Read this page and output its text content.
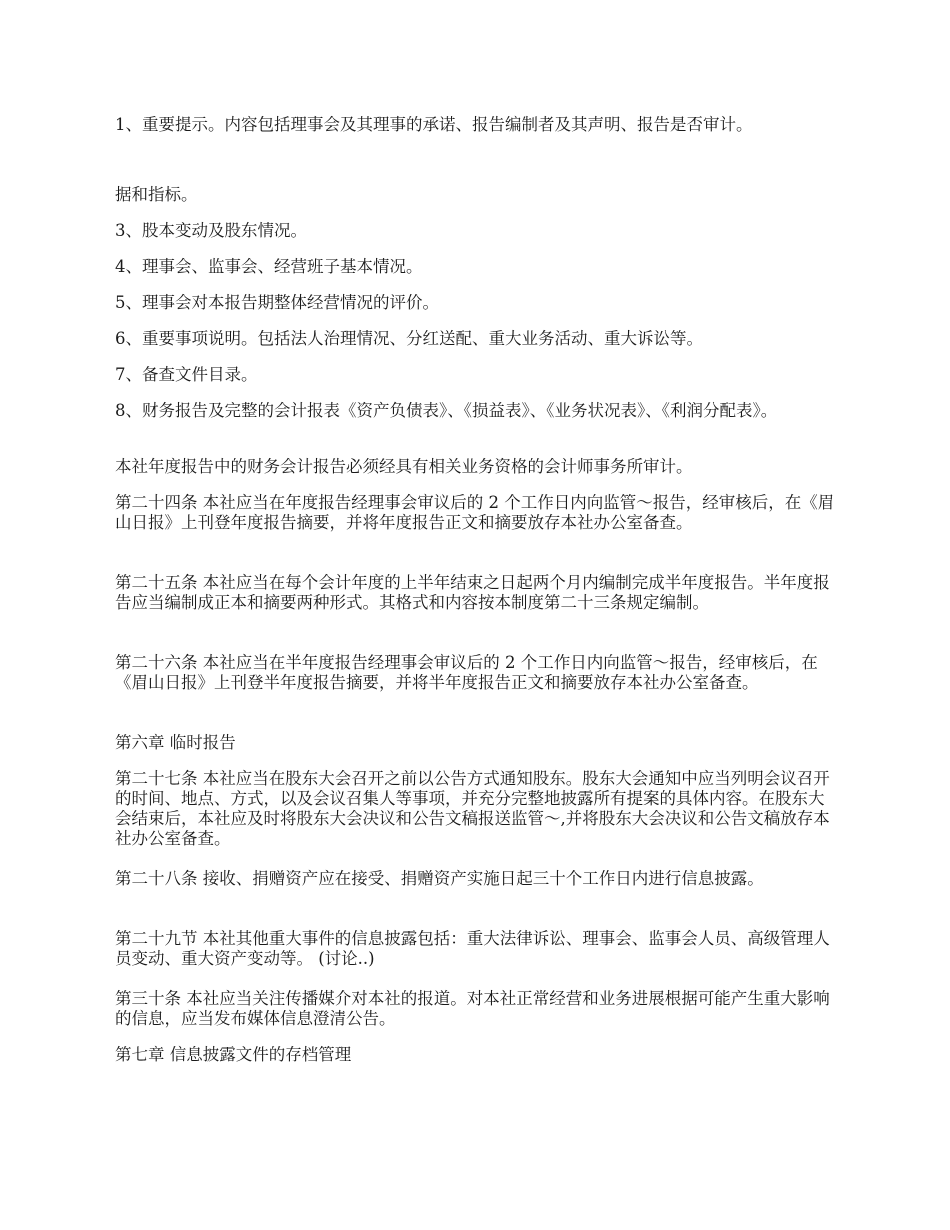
1、重要提示。内容包括理事会及其理事的承诺、报告编制者及其声明、报告是否审计。

据和指标。

3、股本变动及股东情况。

4、理事会、监事会、经营班子基本情况。

5、理事会对本报告期整体经营情况的评价。

6、重要事项说明。包括法人治理情况、分红送配、重大业务活动、重大诉讼等。

7、备查文件目录。

8、财务报告及完整的会计报表《资产负债表》、《损益表》、《业务状况表》、《利润分配表》。

本社年度报告中的财务会计报告必须经具有相关业务资格的会计师事务所审计。

第二十四条 本社应当在年度报告经理事会审议后的 2 个工作日内向监管～报告，经审核后，在《眉山日报》上刊登年度报告摘要，并将年度报告正文和摘要放存本社办公室备查。

第二十五条 本社应当在每个会计年度的上半年结束之日起两个月内编制完成半年度报告。半年度报告应当编制成正本和摘要两种形式。其格式和内容按本制度第二十三条规定编制。

第二十六条 本社应当在半年度报告经理事会审议后的 2 个工作日内向监管～报告，经审核后，在《眉山日报》上刊登半年度报告摘要，并将半年度报告正文和摘要放存本社办公室备查。

第六章 临时报告

第二十七条 本社应当在股东大会召开之前以公告方式通知股东。股东大会通知中应当列明会议召开的时间、地点、方式，以及会议召集人等事项，并充分完整地披露所有提案的具体内容。在股东大会结束后，本社应及时将股东大会决议和公告文稿报送监管～,并将股东大会决议和公告文稿放存本社办公室备查。

第二十八条 接收、捐赠资产应在接受、捐赠资产实施日起三十个工作日内进行信息披露。

第二十九节 本社其他重大事件的信息披露包括：重大法律诉讼、理事会、监事会人员、高级管理人员变动、重大资产变动等。 (讨论..)

第三十条 本社应当关注传播媒介对本社的报道。对本社正常经营和业务进展根据可能产生重大影响的信息，应当发布媒体信息澄清公告。

第七章 信息披露文件的存档管理
